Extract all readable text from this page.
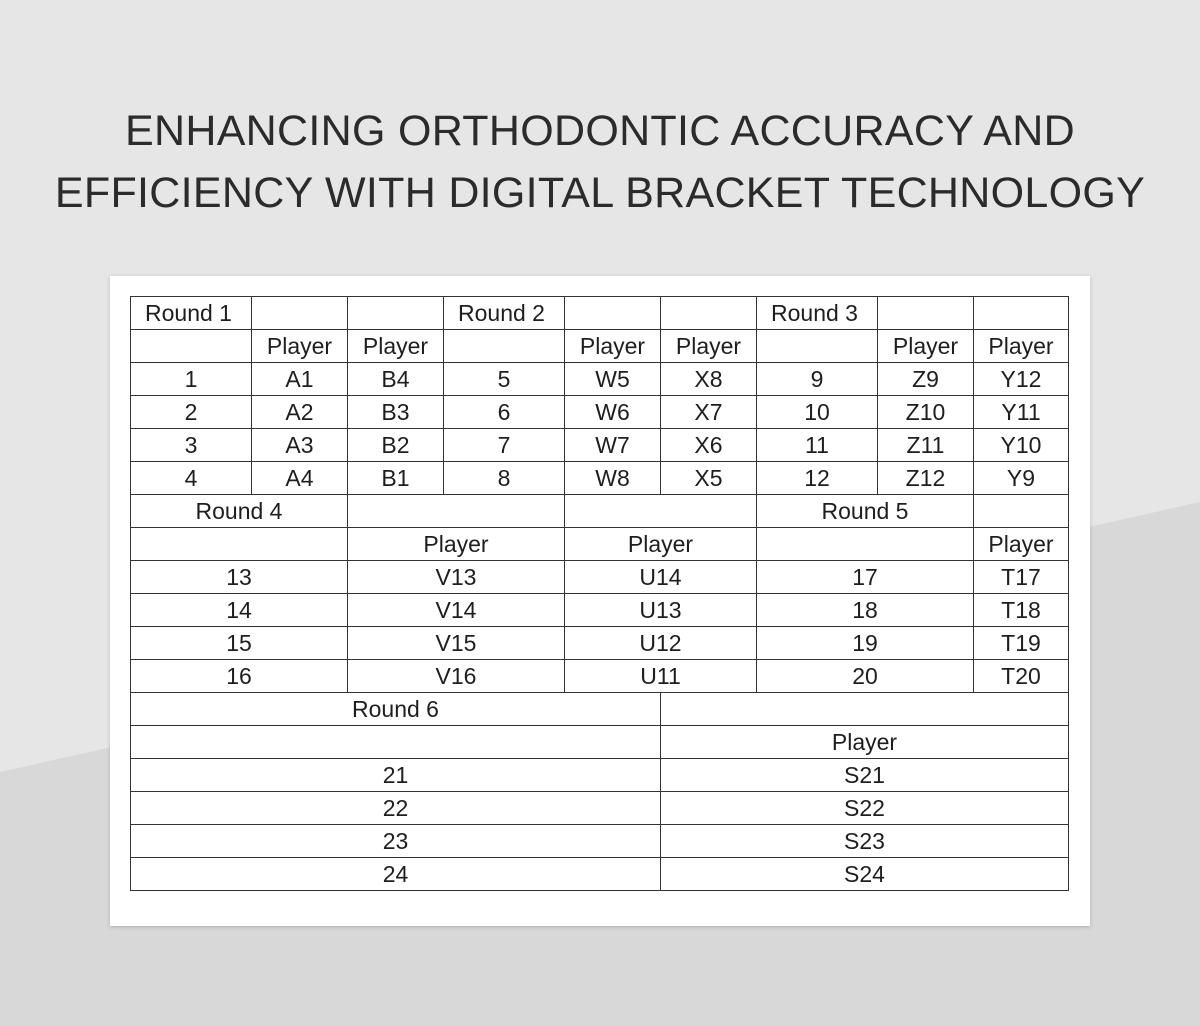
ENHANCING ORTHODONTIC ACCURACY AND
EFFICIENCY WITH DIGITAL BRACKET TECHNOLOGY
Round 1			Round 2			Round 3		
	Player	Player		Player	Player		Player	Player
1	A1	B4	5	W5	X8	9	Z9	Y12
2	A2	B3	6	W6	X7	10	Z10	Y11
3	A3	B2	7	W7	X6	11	Z11	Y10
4	A4	B1	8	W8	X5	12	Z12	Y9
Round 4						Round 5		
		Player		Player				Player
13		V13		U14		17		T17
14		V14		U13		18		T18
15		V15		U12		19		T19
16		V16		U11		20		T20
Round 6								
					Player			
21					S21			
22					S22			
23					S23			
24					S24			
